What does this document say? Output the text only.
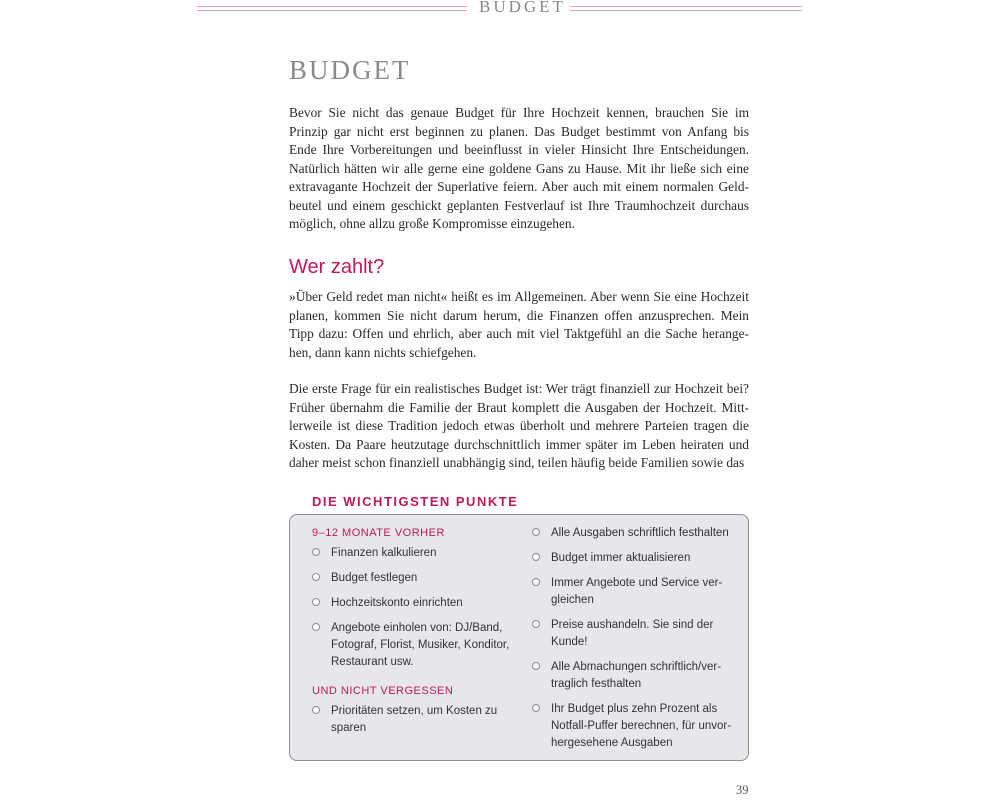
BUDGET
BUDGET
Bevor Sie nicht das genaue Budget für Ihre Hochzeit kennen, brauchen Sie im
Prinzip gar nicht erst beginnen zu planen. Das Budget bestimmt von Anfang bis
Ende Ihre Vorbereitungen und beeinflusst in vieler Hinsicht Ihre Entscheidungen.
Natürlich hätten wir alle gerne eine goldene Gans zu Hause. Mit ihr ließe sich eine
extravagante Hochzeit der Superlative feiern. Aber auch mit einem normalen Geld-
beutel und einem geschickt geplanten Festverlauf ist Ihre Traumhochzeit durchaus
möglich, ohne allzu große Kompromisse einzugehen.
Wer zahlt?
»Über Geld redet man nicht« heißt es im Allgemeinen. Aber wenn Sie eine Hochzeit
planen, kommen Sie nicht darum herum, die Finanzen offen anzusprechen. Mein
Tipp dazu: Offen und ehrlich, aber auch mit viel Taktgefühl an die Sache herange-
hen, dann kann nichts schiefgehen.
Die erste Frage für ein realistisches Budget ist: Wer trägt finanziell zur Hochzeit bei?
Früher übernahm die Familie der Braut komplett die Ausgaben der Hochzeit. Mitt-
lerweile ist diese Tradition jedoch etwas überholt und mehrere Parteien tragen die
Kosten. Da Paare heutzutage durchschnittlich immer später im Leben heiraten und
daher meist schon finanziell unabhängig sind, teilen häufig beide Familien sowie das
DIE WICHTIGSTEN PUNKTE
9–12 MONATE VORHER
Finanzen kalkulieren
Budget festlegen
Hochzeitskonto einrichten
Angebote einholen von: DJ/Band,
Fotograf, Florist, Musiker, Konditor,
Restaurant usw.
UND NICHT VERGESSEN
Prioritäten setzen, um Kosten zu
sparen
Alle Ausgaben schriftlich festhalten
Budget immer aktualisieren
Immer Angebote und Service ver-
gleichen
Preise aushandeln. Sie sind der
Kunde!
Alle Abmachungen schriftlich/ver-
traglich festhalten
Ihr Budget plus zehn Prozent als
Notfall-Puffer berechnen, für unvor-
hergesehene Ausgaben
39
